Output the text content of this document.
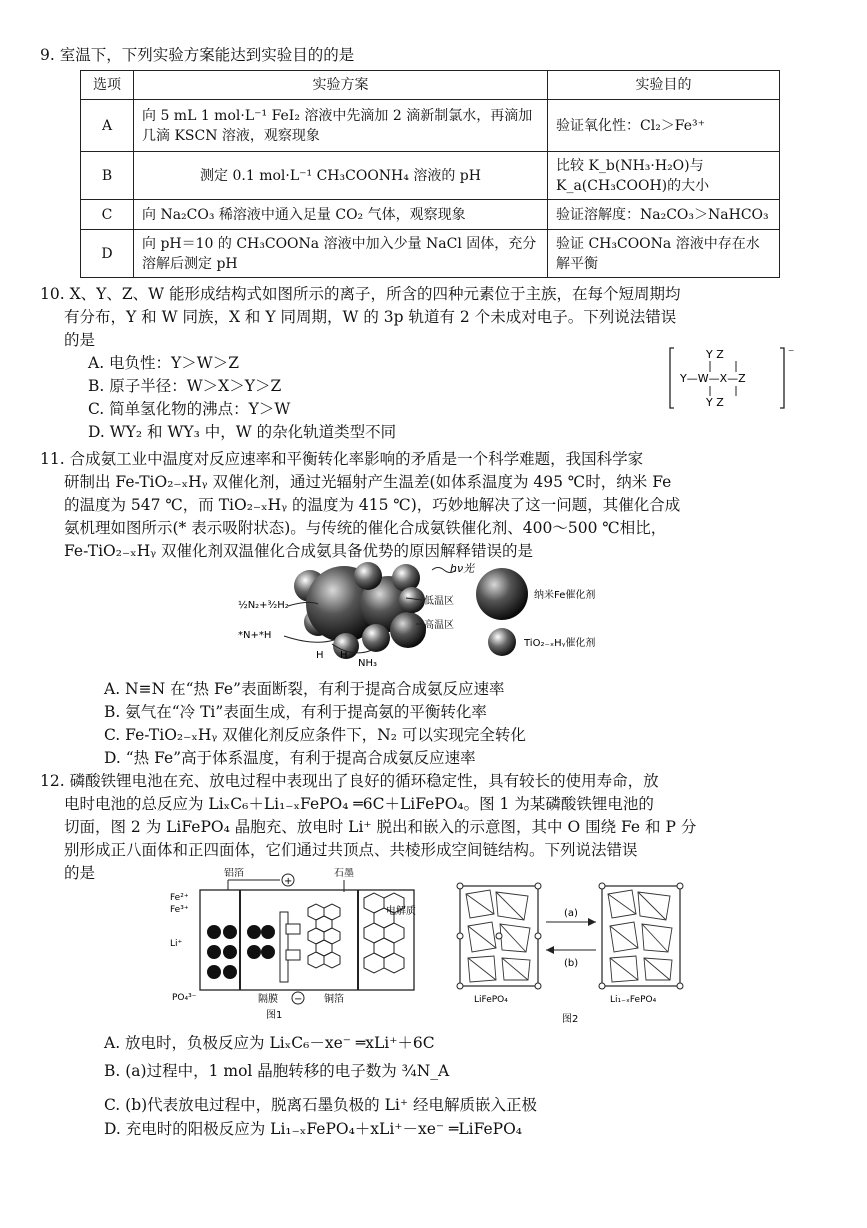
9. 室温下，下列实验方案能达到实验目的的是
选项	实验方案	实验目的
A	向 5 mL 1 mol·L⁻¹ FeI₂ 溶液中先滴加 2 滴新制氯水，再滴加几滴 KSCN 溶液，观察现象	验证氧化性：Cl₂＞Fe³⁺
B	测定 0.1 mol·L⁻¹ CH₃COONH₄ 溶液的 pH	比较 K_b(NH₃·H₂O)与 K_a(CH₃COOH)的大小
C	向 Na₂CO₃ 稀溶液中通入足量 CO₂ 气体，观察现象	验证溶解度：Na₂CO₃＞NaHCO₃
D	向 pH＝10 的 CH₃COONa 溶液中加入少量 NaCl 固体，充分溶解后测定 pH	验证 CH₃COONa 溶液中存在水解平衡
10. X、Y、Z、W 能形成结构式如图所示的离子，所含的四种元素位于主族，在每个短周期均
有分布，Y 和 W 同族，X 和 Y 同周期，W 的 3p 轨道有 2 个未成对电子。下列说法错误
的是
A. 电负性：Y＞W＞Z
B. 原子半径：W＞X＞Y＞Z
C. 简单氢化物的沸点：Y＞W
D. WY₂ 和 WY₃ 中，W 的杂化轨道类型不同
⁻
Y Z
Y—W—X—Z
Y Z
11. 合成氨工业中温度对反应速率和平衡转化率影响的矛盾是一个科学难题，我国科学家
研制出 Fe-TiO₂₋ₓHᵧ 双催化剂，通过光辐射产生温差(如体系温度为 495 ℃时，纳米 Fe
的温度为 547 ℃，而 TiO₂₋ₓHᵧ 的温度为 415 ℃)，巧妙地解决了这一问题，其催化合成
氨机理如图所示(* 表示吸附状态)。与传统的催化合成氨铁催化剂、400～500 ℃相比，
Fe-TiO₂₋ₓHᵧ 双催化剂双温催化合成氨具备优势的原因解释错误的是
hν光
½N₂+³⁄₂H₂	低温区
高温区
*N+*H
H H
NH₃
纳米Fe催化剂
TiO₂₋ₓHᵧ催化剂
A. N≡N 在“热 Fe”表面断裂，有利于提高合成氨反应速率
B. 氨气在“冷 Ti”表面生成，有利于提高氨的平衡转化率
C. Fe-TiO₂₋ₓHᵧ 双催化剂反应条件下，N₂ 可以实现完全转化
D. “热 Fe”高于体系温度，有利于提高合成氨反应速率
12. 磷酸铁锂电池在充、放电过程中表现出了良好的循环稳定性，具有较长的使用寿命，放
电时电池的总反应为 LiₓC₆＋Li₁₋ₓFePO₄ ═6C＋LiFePO₄。图 1 为某磷酸铁锂电池的
切面，图 2 为 LiFePO₄ 晶胞充、放电时 Li⁺ 脱出和嵌入的示意图，其中 O 围绕 Fe 和 P 分
别形成正八面体和正四面体，它们通过共顶点、共棱形成空间链结构。下列说法错误
的是	+
铝箔	石墨
Fe²⁺
Fe³⁺
Li⁺
电解质
PO₄³⁻	隔膜 − 铜箔
图1
(a)
(b)
LiFePO₄	Li₁₋ₓFePO₄
图2
A. 放电时，负极反应为 LiₓC₆－xe⁻ ═xLi⁺＋6C
B. (a)过程中，1 mol 晶胞转移的电子数为 ¾N_A
C. (b)代表放电过程中，脱离石墨负极的 Li⁺ 经电解质嵌入正极
D. 充电时的阳极反应为 Li₁₋ₓFePO₄＋xLi⁺－xe⁻ ═LiFePO₄
